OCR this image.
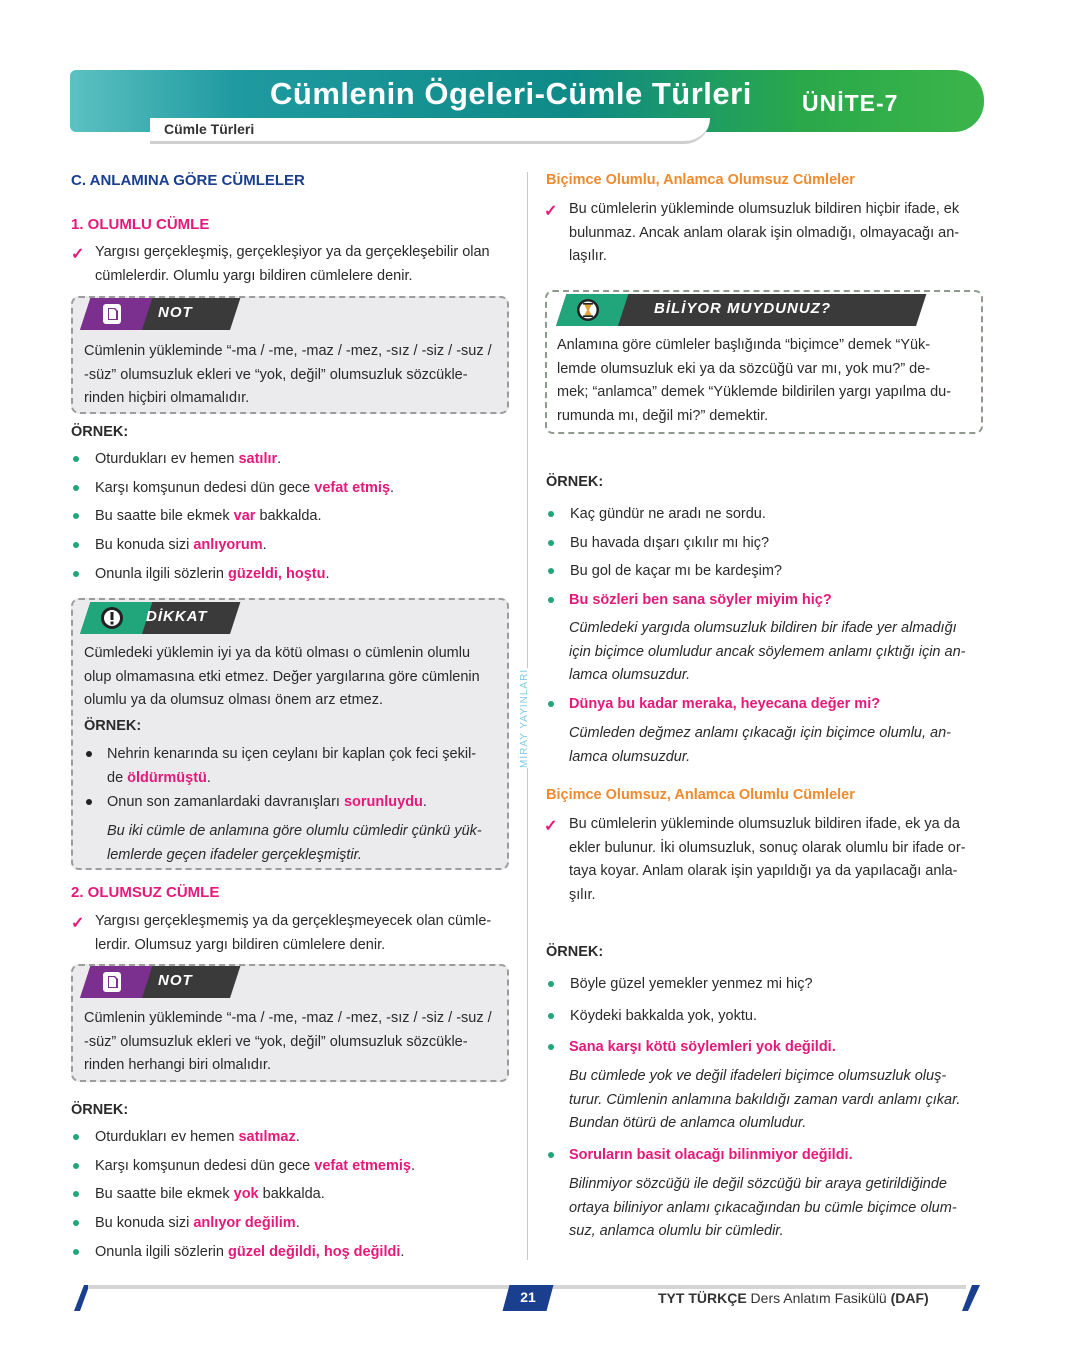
Cümlenin Ögeleri-Cümle Türleri ÜNİTE-7
Cümle Türleri
C. ANLAMINA GÖRE CÜMLELER
1. OLUMLU CÜMLE
✓ Yargısı gerçekleşmiş, gerçekleşiyor ya da gerçekleşebilir olan
cümlelerdir. Olumlu yargı bildiren cümlelere denir.
NOT
Cümlenin yükleminde “-ma / -me, -maz / -mez, -sız / -siz / -suz /
-süz” olumsuzluk ekleri ve “yok, değil” olumsuzluk sözcükle-
rinden hiçbiri olmamalıdır.
ÖRNEK:
Oturdukları ev hemen satılır.
Karşı komşunun dedesi dün gece vefat etmiş.
Bu saatte bile ekmek var bakkalda.
Bu konuda sizi anlıyorum.
Onunla ilgili sözlerin güzeldi, hoştu.
DİKKAT
Cümledeki yüklemin iyi ya da kötü olması o cümlenin olumlu
olup olmamasına etki etmez. Değer yargılarına göre cümlenin
olumlu ya da olumsuz olması önem arz etmez.
ÖRNEK:
Nehrin kenarında su içen ceylanı bir kaplan çok feci şekil-
de öldürmüştü.
Onun son zamanlardaki davranışları sorunluydu.
Bu iki cümle de anlamına göre olumlu cümledir çünkü yük-
lemlerde geçen ifadeler gerçekleşmiştir.
2. OLUMSUZ CÜMLE
✓ Yargısı gerçekleşmemiş ya da gerçekleşmeyecek olan cümle-
lerdir. Olumsuz yargı bildiren cümlelere denir.
NOT
Cümlenin yükleminde “-ma / -me, -maz / -mez, -sız / -siz / -suz /
-süz” olumsuzluk ekleri ve “yok, değil” olumsuzluk sözcükle-
rinden herhangi biri olmalıdır.
ÖRNEK:
Oturdukları ev hemen satılmaz.
Karşı komşunun dedesi dün gece vefat etmemiş.
Bu saatte bile ekmek yok bakkalda.
Bu konuda sizi anlıyor değilim.
Onunla ilgili sözlerin güzel değildi, hoş değildi.
MİRAY YAYINLARI
Biçimce Olumlu, Anlamca Olumsuz Cümleler
✓ Bu cümlelerin yükleminde olumsuzluk bildiren hiçbir ifade, ek
bulunmaz. Ancak anlam olarak işin olmadığı, olmayacağı an-
laşılır.
BİLİYOR MUYDUNUZ?
Anlamına göre cümleler başlığında “biçimce” demek “Yük-
lemde olumsuzluk eki ya da sözcüğü var mı, yok mu?” de-
mek; “anlamca” demek “Yüklemde bildirilen yargı yapılma du-
rumunda mı, değil mi?” demektir.
ÖRNEK:
Kaç gündür ne aradı ne sordu.
Bu havada dışarı çıkılır mı hiç?
Bu gol de kaçar mı be kardeşim?
Bu sözleri ben sana söyler miyim hiç?
Cümledeki yargıda olumsuzluk bildiren bir ifade yer almadığı
için biçimce olumludur ancak söylemem anlamı çıktığı için an-
lamca olumsuzdur.
Dünya bu kadar meraka, heyecana değer mi?
Cümleden değmez anlamı çıkacağı için biçimce olumlu, an-
lamca olumsuzdur.
Biçimce Olumsuz, Anlamca Olumlu Cümleler
✓ Bu cümlelerin yükleminde olumsuzluk bildiren ifade, ek ya da
ekler bulunur. İki olumsuzluk, sonuç olarak olumlu bir ifade or-
taya koyar. Anlam olarak işin yapıldığı ya da yapılacağı anla-
şılır.
ÖRNEK:
Böyle güzel yemekler yenmez mi hiç?
Köydeki bakkalda yok, yoktu.
Sana karşı kötü söylemleri yok değildi.
Bu cümlede yok ve değil ifadeleri biçimce olumsuzluk oluş-
turur. Cümlenin anlamına bakıldığı zaman vardı anlamı çıkar.
Bundan ötürü de anlamca olumludur.
Soruların basit olacağı bilinmiyor değildi.
Bilinmiyor sözcüğü ile değil sözcüğü bir araya getirildiğinde
ortaya biliniyor anlamı çıkacağından bu cümle biçimce olum-
suz, anlamca olumlu bir cümledir.
21	TYT TÜRKÇE Ders Anlatım Fasikülü (DAF)
